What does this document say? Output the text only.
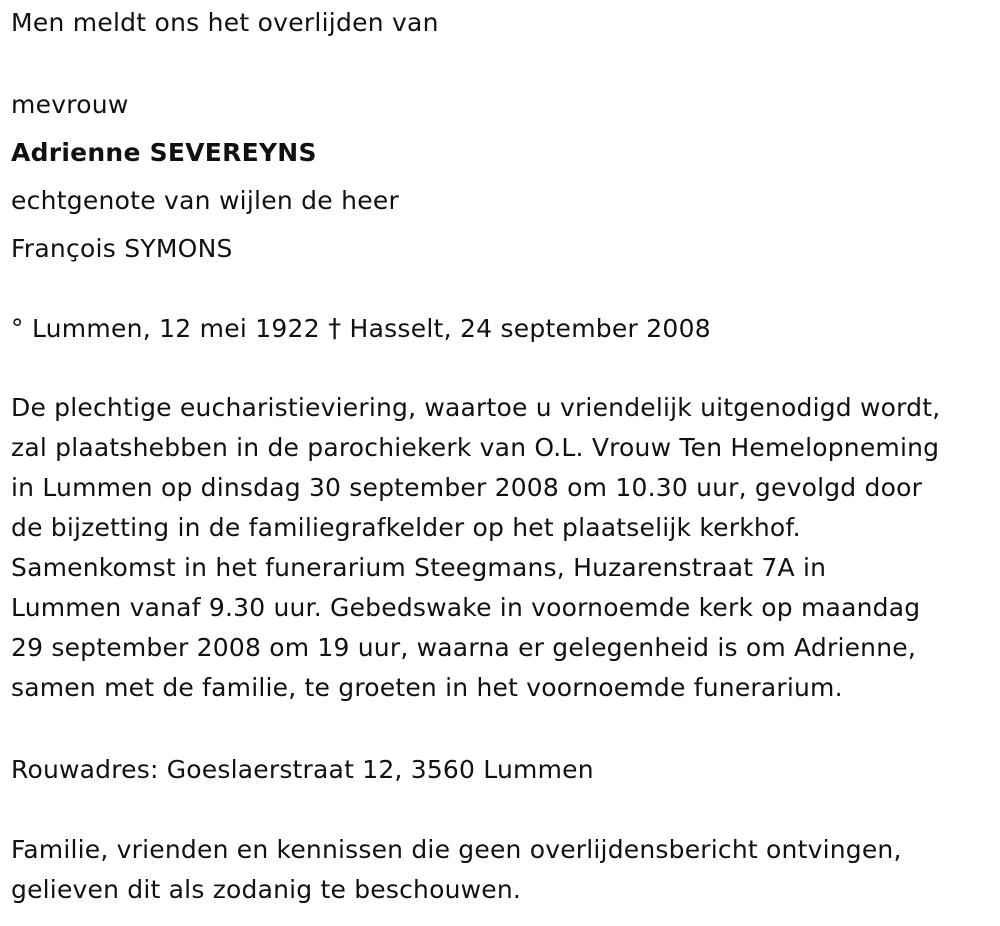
Men meldt ons het overlijden van
mevrouw
Adrienne SEVEREYNS
echtgenote van wijlen de heer
François SYMONS
° Lummen, 12 mei 1922 † Hasselt, 24 september 2008
De plechtige eucharistieviering, waartoe u vriendelijk uitgenodigd wordt,
zal plaatshebben in de parochiekerk van O.L. Vrouw Ten Hemelopneming
in Lummen op dinsdag 30 september 2008 om 10.30 uur, gevolgd door
de bijzetting in de familiegrafkelder op het plaatselijk kerkhof.
Samenkomst in het funerarium Steegmans, Huzarenstraat 7A in
Lummen vanaf 9.30 uur. Gebedswake in voornoemde kerk op maandag
29 september 2008 om 19 uur, waarna er gelegenheid is om Adrienne,
samen met de familie, te groeten in het voornoemde funerarium.
Rouwadres: Goeslaerstraat 12, 3560 Lummen
Familie, vrienden en kennissen die geen overlijdensbericht ontvingen,
gelieven dit als zodanig te beschouwen.
